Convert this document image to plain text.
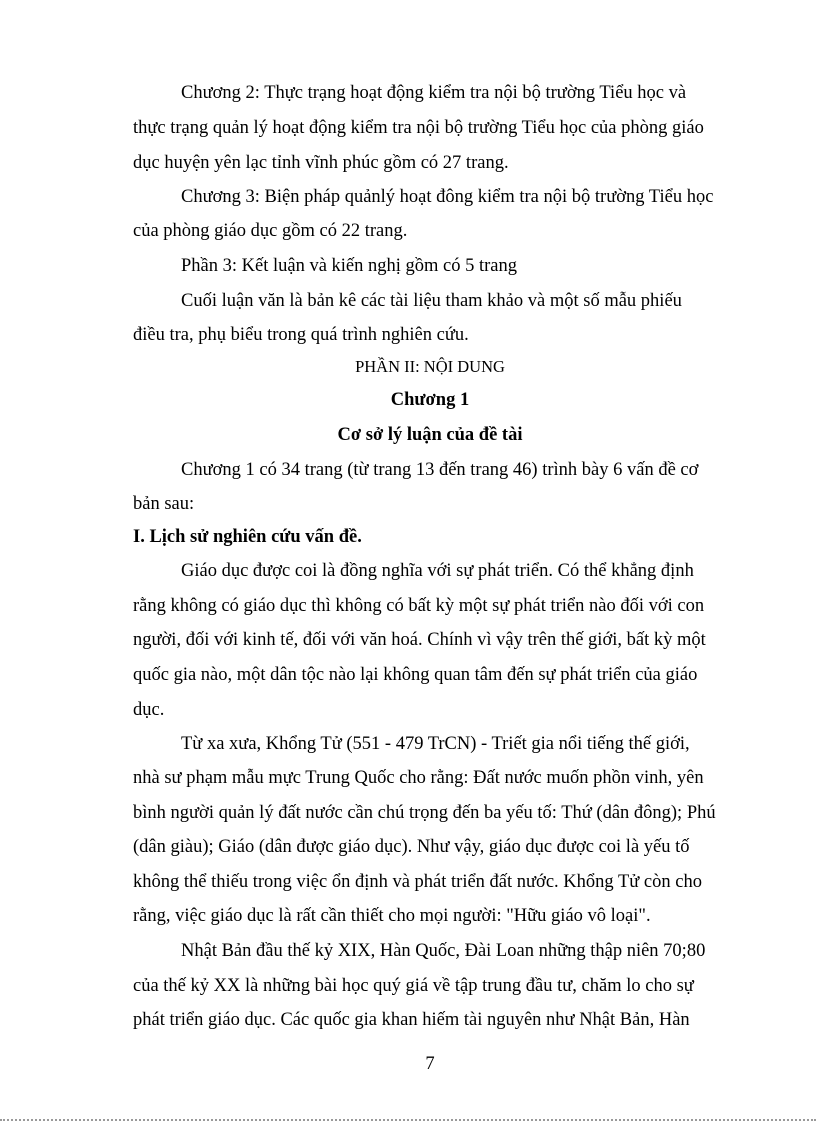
Chương 2: Thực trạng hoạt động kiểm tra nội bộ trường Tiểu học và
thực trạng quản lý hoạt động kiểm tra nội bộ trường Tiểu học của phòng giáo
dục huyện yên lạc tỉnh vĩnh phúc gồm có 27 trang.
Chương 3: Biện pháp quảnlý hoạt đông kiểm tra nội bộ trường Tiểu học
của phòng giáo dục gồm có 22 trang.
Phần 3: Kết luận và kiến nghị gồm có 5 trang
Cuối luận văn là bản kê các tài liệu tham khảo và một số mẫu phiếu
điều tra, phụ biểu trong quá trình nghiên cứu.
PHẦN II: NỘI DUNG
Chương 1
Cơ sở lý luận của đề tài
Chương 1 có 34 trang (từ trang 13 đến trang 46) trình bày 6 vấn đề cơ
bản sau:
I. Lịch sử nghiên cứu vấn đề.
Giáo dục được coi là đồng nghĩa với sự phát triển. Có thể khẳng định
rằng không có giáo dục thì không có bất kỳ một sự phát triển nào đối với con
người, đối với kinh tế, đối với văn hoá. Chính vì vậy trên thế giới, bất kỳ một
quốc gia nào, một dân tộc nào lại không quan tâm đến sự phát triển của giáo
dục.
Từ xa xưa, Khổng Tử (551 - 479 TrCN) - Triết gia nổi tiếng thế giới,
nhà sư phạm mẫu mực Trung Quốc cho rằng: Đất nước muốn phồn vinh, yên
bình người quản lý đất nước cần chú trọng đến ba yếu tố: Thứ (dân đông); Phú
(dân giàu); Giáo (dân được giáo dục). Như vậy, giáo dục được coi là yếu tố
không thể thiếu trong việc ổn định và phát triển đất nước. Khổng Tử còn cho
rằng, việc giáo dục là rất cần thiết cho mọi người: "Hữu giáo vô loại".
Nhật Bản đầu thế kỷ XIX, Hàn Quốc, Đài Loan những thập niên 70;80
của thế kỷ XX là những bài học quý giá về tập trung đầu tư, chăm lo cho sự
phát triển giáo dục. Các quốc gia khan hiếm tài nguyên như Nhật Bản, Hàn
7
